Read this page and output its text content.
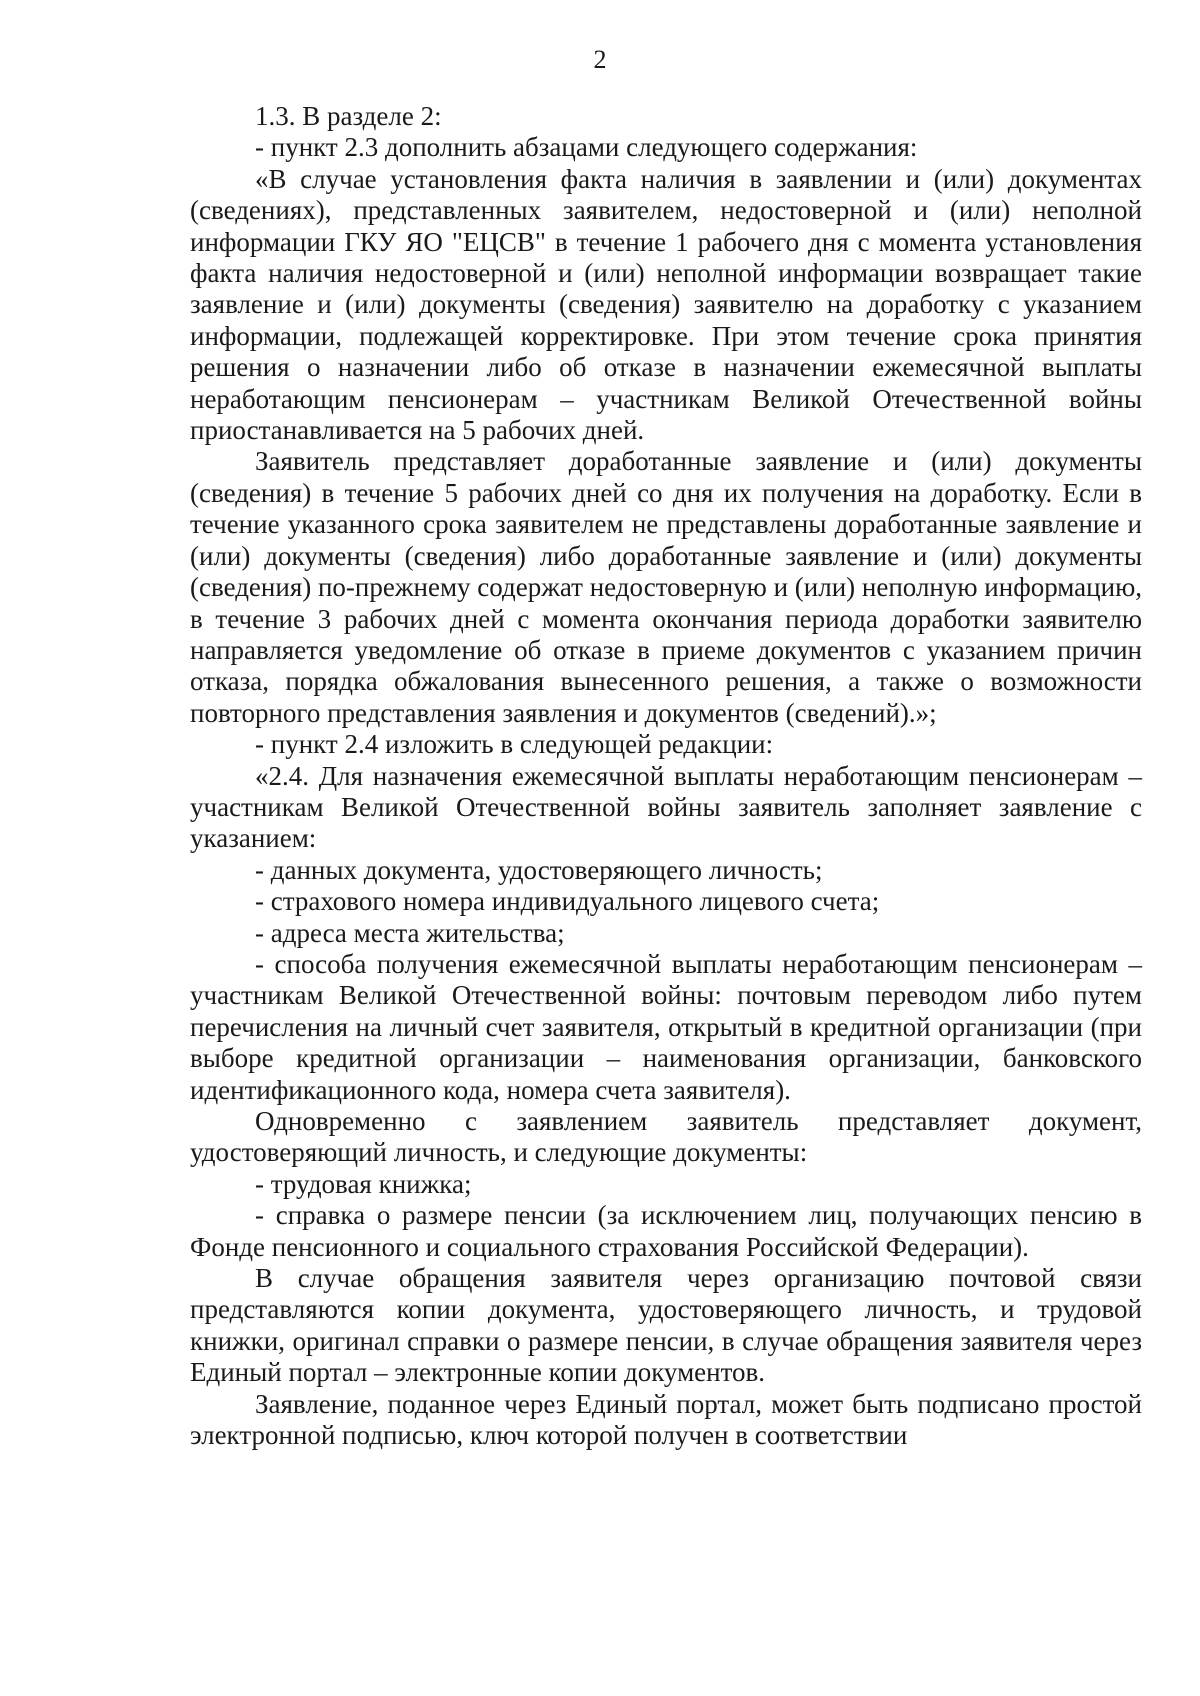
2

1.3. В разделе 2:

- пункт 2.3 дополнить абзацами следующего содержания:

«В случае установления факта наличия в заявлении и (или) документах (сведениях), представленных заявителем, недостоверной и (или) неполной информации ГКУ ЯО "ЕЦСВ" в течение 1 рабочего дня с момента установления факта наличия недостоверной и (или) неполной информации возвращает такие заявление и (или) документы (сведения) заявителю на доработку с указанием информации, подлежащей корректировке. При этом течение срока принятия решения о назначении либо об отказе в назначении ежемесячной выплаты неработающим пенсионерам – участникам Великой Отечественной войны приостанавливается на 5 рабочих дней.

Заявитель представляет доработанные заявление и (или) документы (сведения) в течение 5 рабочих дней со дня их получения на доработку. Если в течение указанного срока заявителем не представлены доработанные заявление и (или) документы (сведения) либо доработанные заявление и (или) документы (сведения) по-прежнему содержат недостоверную и (или) неполную информацию, в течение 3 рабочих дней с момента окончания периода доработки заявителю направляется уведомление об отказе в приеме документов с указанием причин отказа, порядка обжалования вынесенного решения, а также о возможности повторного представления заявления и документов (сведений).»;

- пункт 2.4 изложить в следующей редакции:

«2.4. Для назначения ежемесячной выплаты неработающим пенсионерам – участникам Великой Отечественной войны заявитель заполняет заявление с указанием:

- данных документа, удостоверяющего личность;

- страхового номера индивидуального лицевого счета;

- адреса места жительства;

- способа получения ежемесячной выплаты неработающим пенсионерам – участникам Великой Отечественной войны: почтовым переводом либо путем перечисления на личный счет заявителя, открытый в кредитной организации (при выборе кредитной организации – наименования организации, банковского идентификационного кода, номера счета заявителя).

Одновременно с заявлением заявитель представляет документ, удостоверяющий личность, и следующие документы:

- трудовая книжка;

- справка о размере пенсии (за исключением лиц, получающих пенсию в Фонде пенсионного и социального страхования Российской Федерации).

В случае обращения заявителя через организацию почтовой связи представляются копии документа, удостоверяющего личность, и трудовой книжки, оригинал справки о размере пенсии, в случае обращения заявителя через Единый портал – электронные копии документов.

Заявление, поданное через Единый портал, может быть подписано простой электронной подписью, ключ которой получен в соответствии
